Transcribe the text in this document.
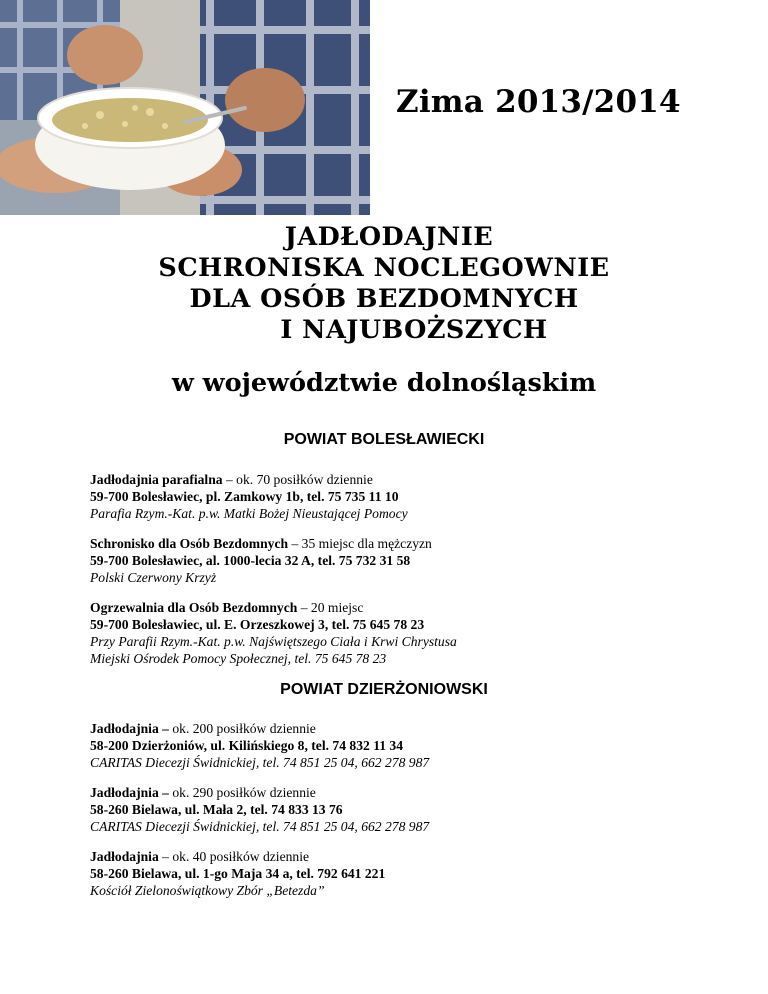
Zima 2013/2014
JADŁODAJNIE
SCHRONISKA NOCLEGOWNIE
DLA OSÓB BEZDOMNYCH
I NAJUBOŻSZYCH
w województwie dolnośląskim
POWIAT BOLESŁAWIECKI
Jadłodajnia parafialna – ok. 70 posiłków dziennie
59-700 Bolesławiec, pl. Zamkowy 1b, tel. 75 735 11 10
Parafia Rzym.-Kat. p.w. Matki Bożej Nieustającej Pomocy
Schronisko dla Osób Bezdomnych – 35 miejsc dla mężczyzn
59-700 Bolesławiec, al. 1000-lecia 32 A, tel. 75 732 31 58
Polski Czerwony Krzyż
Ogrzewalnia dla Osób Bezdomnych – 20 miejsc
59-700 Bolesławiec, ul. E. Orzeszkowej 3, tel. 75 645 78 23
Przy Parafii Rzym.-Kat. p.w. Najświętszego Ciała i Krwi Chrystusa
Miejski Ośrodek Pomocy Społecznej, tel. 75 645 78 23
POWIAT DZIERŻONIOWSKI
Jadłodajnia – ok. 200 posiłków dziennie
58-200 Dzierżoniów, ul. Kilińskiego 8, tel. 74 832 11 34
CARITAS Diecezji Świdnickiej, tel. 74 851 25 04, 662 278 987
Jadłodajnia – ok. 290 posiłków dziennie
58-260 Bielawa, ul. Mała 2, tel. 74 833 13 76
CARITAS Diecezji Świdnickiej, tel. 74 851 25 04, 662 278 987
Jadłodajnia – ok. 40 posiłków dziennie
58-260 Bielawa, ul. 1-go Maja 34 a, tel. 792 641 221
Kościół Zielonoświątkowy Zbór „Betezda”
